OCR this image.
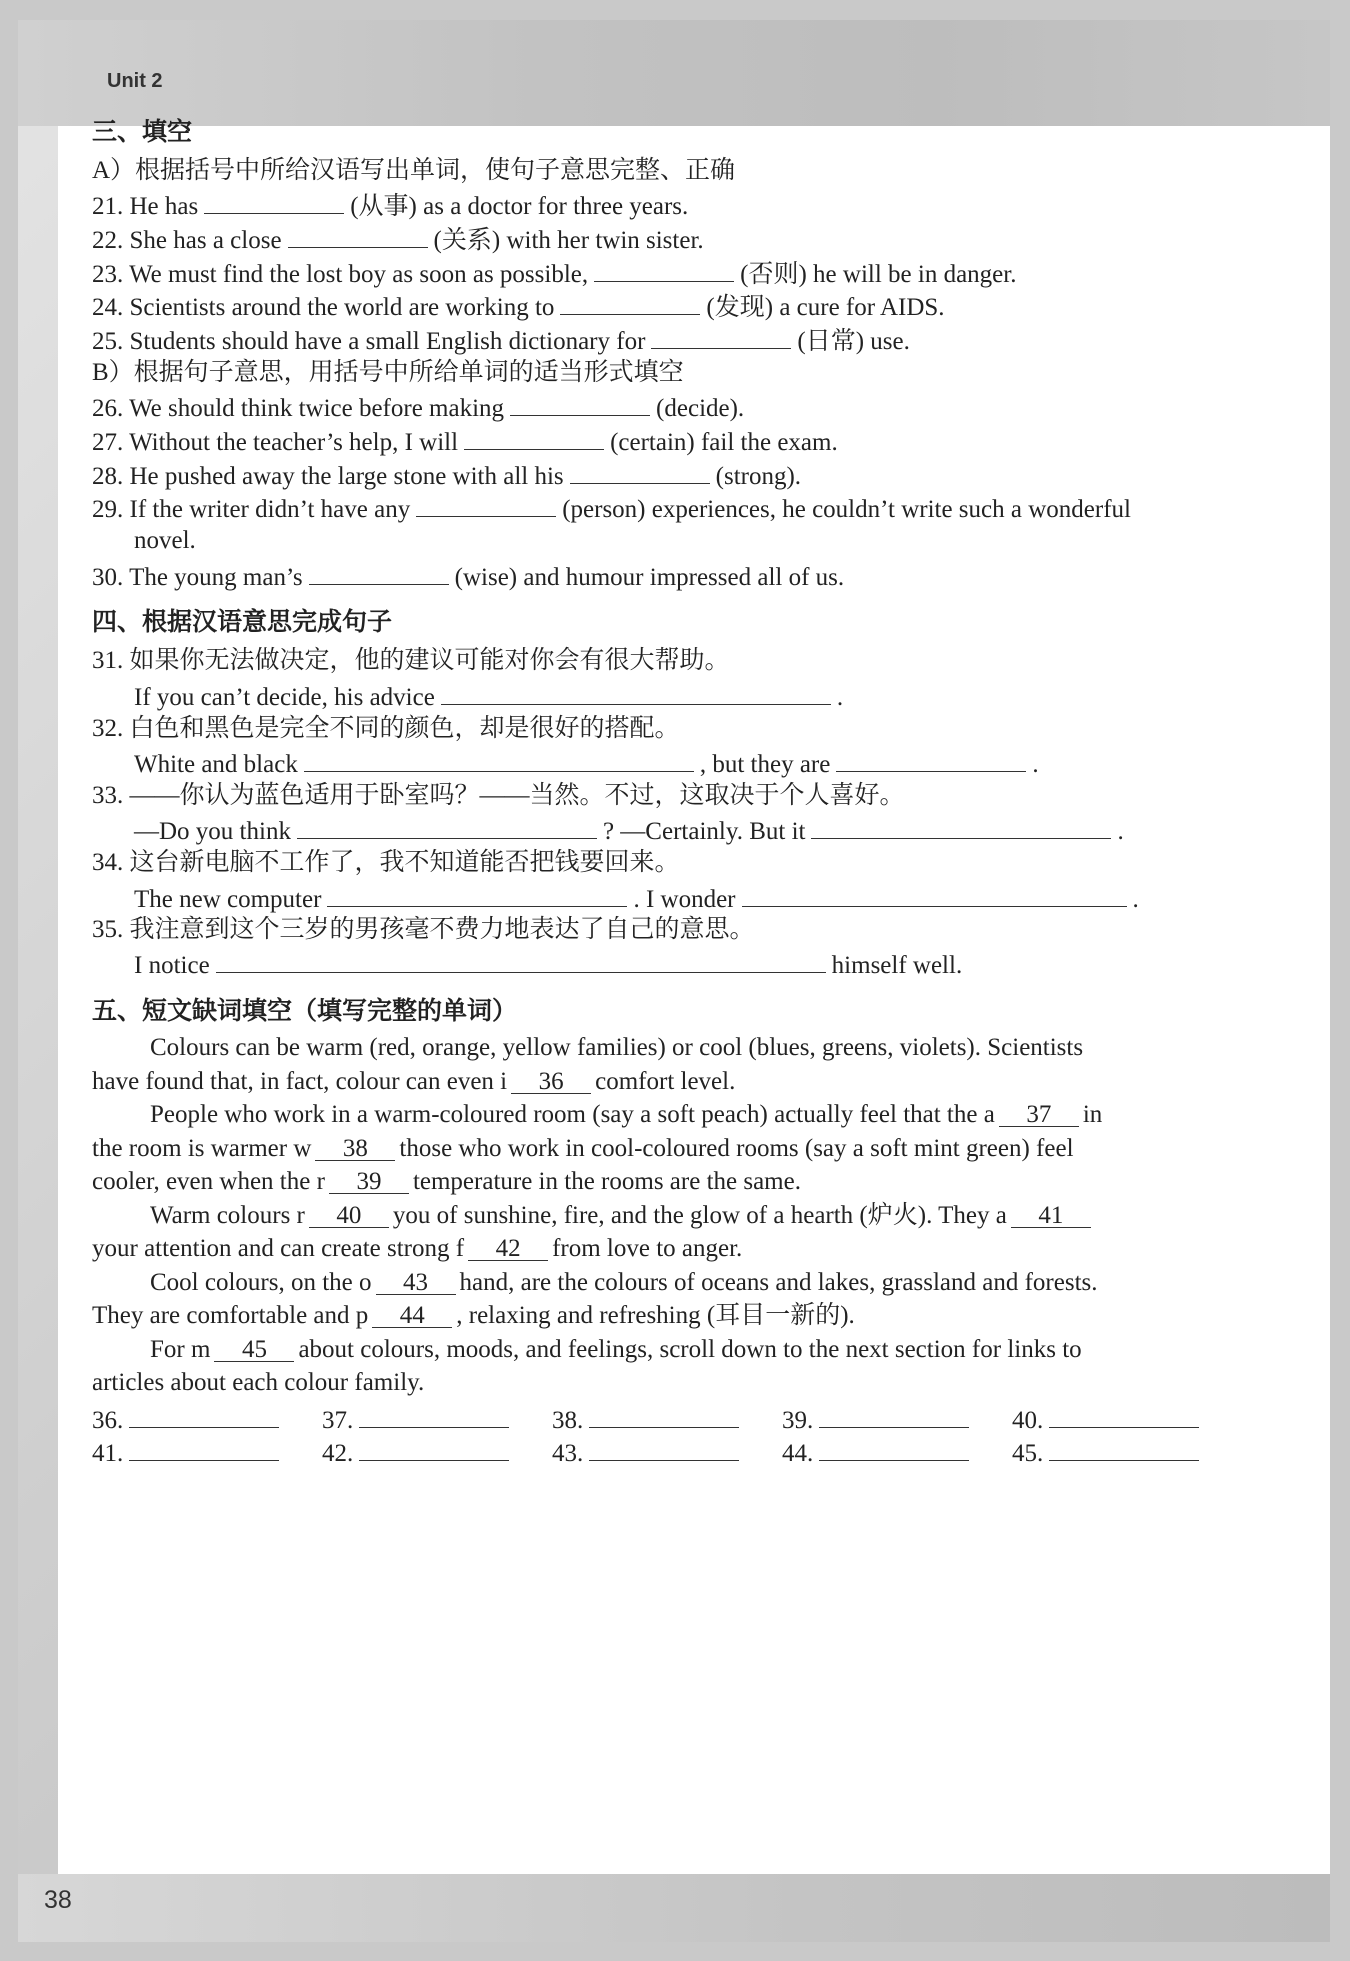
Unit 2
38
三、填空
A）根据括号中所给汉语写出单词，使句子意思完整、正确
21. He has	(从事) as a doctor for three years.
22. She has a close	(关系) with her twin sister.
23. We must find the lost boy as soon as possible,	(否则) he will be in danger.
24. Scientists around the world are working to	(发现) a cure for AIDS.
25. Students should have a small English dictionary for	(日常) use.
B）根据句子意思，用括号中所给单词的适当形式填空
26. We should think twice before making	(decide).
27. Without the teacher’s help, I will	(certain) fail the exam.
28. He pushed away the large stone with all his	(strong).
29. If the writer didn’t have any	(person) experiences, he couldn’t write such a wonderful
novel.
30. The young man’s	(wise) and humour impressed all of us.
四、根据汉语意思完成句子
31. 如果你无法做决定，他的建议可能对你会有很大帮助。
If you can’t decide, his advice	.
32. 白色和黑色是完全不同的颜色，却是很好的搭配。
White and black	, but they are	.
33. ——你认为蓝色适用于卧室吗？——当然。不过，这取决于个人喜好。
—Do you think	? —Certainly. But it	.
34. 这台新电脑不工作了，我不知道能否把钱要回来。
The new computer	. I wonder	.
35. 我注意到这个三岁的男孩毫不费力地表达了自己的意思。
I notice	himself well.
五、短文缺词填空（填写完整的单词）
Colours can be warm (red, orange, yellow families) or cool (blues, greens, violets). Scientists
have found that, in fact, colour can even i 36 comfort level.
People who work in a warm-coloured room (say a soft peach) actually feel that the a 37 in
the room is warmer w 38 those who work in cool-coloured rooms (say a soft mint green) feel
cooler, even when the r 39 temperature in the rooms are the same.
Warm colours r 40 you of sunshine, fire, and the glow of a hearth (炉火). They a 41
your attention and can create strong f 42 from love to anger.
Cool colours, on the o 43 hand, are the colours of oceans and lakes, grassland and forests.
They are comfortable and p 44 , relaxing and refreshing (耳目一新的).
For m 45 about colours, moods, and feelings, scroll down to the next section for links to
articles about each colour family.
36.	37.	38.	39.	40.
41.	42.	43.	44.	45.
